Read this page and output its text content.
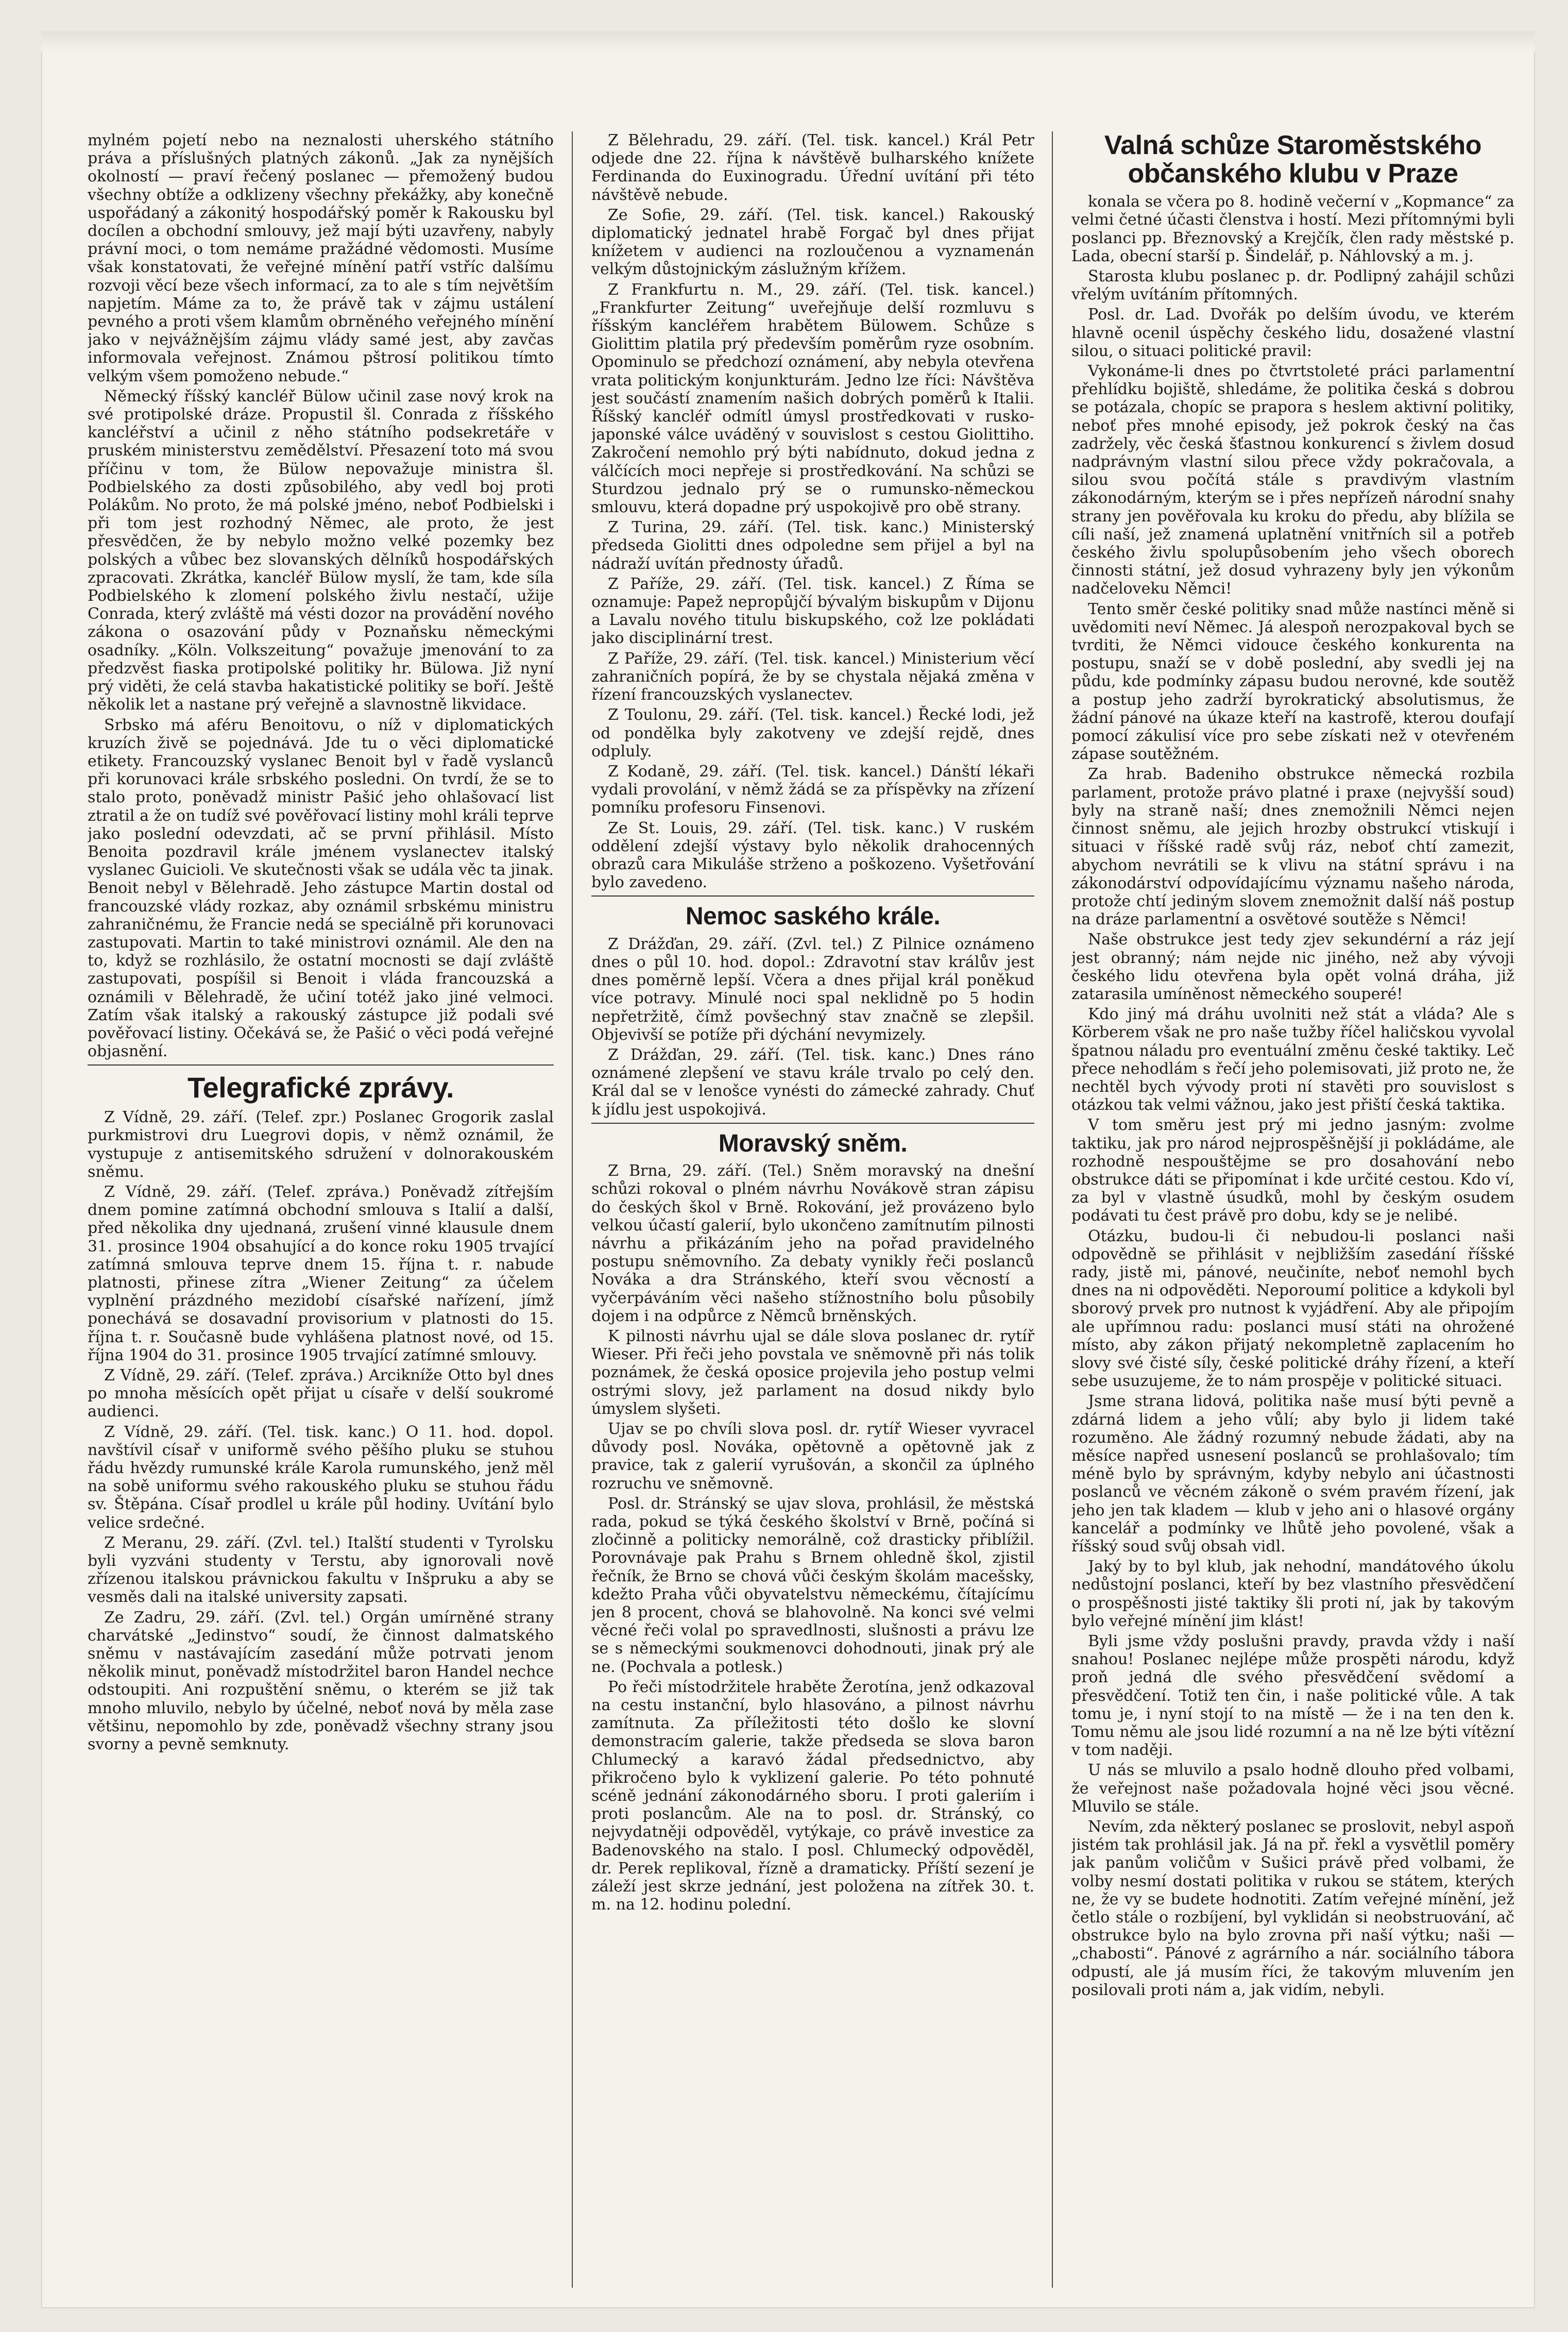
mylném pojetí nebo na neznalosti uherského státního práva a příslušných platných zákonů. „Jak za nynějších okolností — praví řečený poslanec — přemožený budou všechny obtíže a odklizeny všechny překážky, aby konečně uspořádaný a zákonitý hospodářský poměr k Rakousku byl docílen a obchodní smlouvy, jež mají býti uzavřeny, nabyly právní moci, o tom nemáme pražádné vědomosti. Musíme však konstatovati, že veřejné mínění patří vstříc dalšímu rozvoji věcí beze všech informací, za to ale s tím největším napjetím. Máme za to, že právě tak v zájmu ustálení pevného a proti všem klamům obrněného veřejného mínění jako v nejvážnějším zájmu vlády samé jest, aby zavčas informovala veřejnost. Známou pštrosí politikou tímto velkým všem pomoženo nebude.“

Německý říšský kancléř Bülow učinil zase nový krok na své protipolské dráze. Propustil šl. Conrada z říšského kancléřství a učinil z něho státního podsekretáře v pruském ministerstvu zemědělství. Přesazení toto má svou příčinu v tom, že Bülow nepovažuje ministra šl. Podbielského za dosti způsobilého, aby vedl boj proti Polákům. No proto, že má polské jméno, neboť Podbielski i při tom jest rozhodný Němec, ale proto, že jest přesvědčen, že by nebylo možno velké pozemky bez polských a vůbec bez slovanských dělníků hospodářských zpracovati. Zkrátka, kancléř Bülow myslí, že tam, kde síla Podbielského k zlomení polského živlu nestačí, užije Conrada, který zvláště má vésti dozor na provádění nového zákona o osazování půdy v Poznaňsku německými osadníky. „Köln. Volkszeitung“ považuje jmenování to za předzvěst fiaska protipolské politiky hr. Bülowa. Již nyní prý viděti, že celá stavba hakatistické politiky se boří. Ještě několik let a nastane prý veřejně a slavnostně likvidace.

Srbsko má aféru Benoitovu, o níž v diplomatických kruzích živě se pojednává. Jde tu o věci diplomatické etikety. Francouzský vyslanec Benoit byl v řadě vyslanců při korunovaci krále srbského posledni. On tvrdí, že se to stalo proto, poněvadž ministr Pašić jeho ohlašovací list ztratil a že on tudíž své pověřovací listiny mohl králi teprve jako poslední odevzdati, ač se první přihlásil. Místo Benoita pozdravil krále jménem vyslanectev italský vyslanec Guicioli. Ve skutečnosti však se udála věc ta jinak. Benoit nebyl v Bělehradě. Jeho zástupce Martin dostal od francouzské vlády rozkaz, aby oznámil srbskému ministru zahraničnému, že Francie nedá se speciálně při korunovaci zastupovati. Martin to také ministrovi oznámil. Ale den na to, když se rozhlásilo, že ostatní mocnosti se dají zvláště zastupovati, pospíšil si Benoit i vláda francouzská a oznámili v Bělehradě, že učiní totéž jako jiné velmoci. Zatím však italský a rakouský zástupce již podali své pověřovací listiny. Očekává se, že Pašić o věci podá veřejné objasnění.

Telegrafické zprávy.

Z Vídně, 29. září. (Telef. zpr.) Poslanec Grogorik zaslal purkmistrovi dru Luegrovi dopis, v němž oznámil, že vystupuje z antisemitského sdružení v dolnorakouském sněmu.

Z Vídně, 29. září. (Telef. zpráva.) Poněvadž zítřejším dnem pomine zatímná obchodní smlouva s Italií a další, před několika dny ujednaná, zrušení vinné klausule dnem 31. prosince 1904 obsahující a do konce roku 1905 trvající zatímná smlouva teprve dnem 15. října t. r. nabude platnosti, přinese zítra „Wiener Zeitung“ za účelem vyplnění prázdného mezidobí císařské nařízení, jímž ponechává se dosavadní provisorium v platnosti do 15. října t. r. Současně bude vyhlášena platnost nové, od 15. října 1904 do 31. prosince 1905 trvající zatímné smlouvy.

Z Vídně, 29. září. (Telef. zpráva.) Arcikníže Otto byl dnes po mnoha měsících opět přijat u císaře v delší soukromé audienci.

Z Vídně, 29. září. (Tel. tisk. kanc.) O 11. hod. dopol. navštívil císař v uniformě svého pěšího pluku se stuhou řádu hvězdy rumunské krále Karola rumunského, jenž měl na sobě uniformu svého rakouského pluku se stuhou řádu sv. Štěpána. Císař prodlel u krále půl hodiny. Uvítání bylo velice srdečné.

Z Meranu, 29. září. (Zvl. tel.) Italští studenti v Tyrolsku byli vyzváni studenty v Terstu, aby ignorovali nově zřízenou italskou právnickou fakultu v Inšpruku a aby se vesměs dali na italské university zapsati.

Ze Zadru, 29. září. (Zvl. tel.) Orgán umírněné strany charvátské „Jedinstvo“ soudí, že činnost dalmatského sněmu v nastávajícím zasedání může potrvati jenom několik minut, poněvadž místodržitel baron Handel nechce odstoupiti. Ani rozpuštění sněmu, o kterém se již tak mnoho mluvilo, nebylo by účelné, neboť nová by měla zase většinu, nepomohlo by zde, poněvadž všechny strany jsou svorny a pevně semknuty.

Z Bělehradu, 29. září. (Tel. tisk. kancel.) Král Petr odjede dne 22. října k návštěvě bulharského knížete Ferdinanda do Euxinogradu. Úřední uvítání při této návštěvě nebude.

Ze Sofie, 29. září. (Tel. tisk. kancel.) Rakouský diplomatický jednatel hrabě Forgač byl dnes přijat knížetem v audienci na rozloučenou a vyznamenán velkým důstojnickým záslužným křížem.

Z Frankfurtu n. M., 29. září. (Tel. tisk. kancel.) „Frankfurter Zeitung“ uveřejňuje delší rozmluvu s říšským kancléřem hrabětem Bülowem. Schůze s Giolittim platila prý především poměrům ryze osobním. Opominulo se předchozí oznámení, aby nebyla otevřena vrata politickým konjunkturám. Jedno lze říci: Návštěva jest součástí znamením našich dobrých poměrů k Italii. Říšský kancléř odmítl úmysl prostředkovati v rusko-japonské válce uváděný v souvislost s cestou Giolittiho. Zakročení nemohlo prý býti nabídnuto, dokud jedna z válčících moci nepřeje si prostředkování. Na schůzi se Sturdzou jednalo prý se o rumunsko-německou smlouvu, která dopadne prý uspokojivě pro obě strany.

Z Turina, 29. září. (Tel. tisk. kanc.) Ministerský předseda Giolitti dnes odpoledne sem přijel a byl na nádraží uvítán přednosty úřadů.

Z Paříže, 29. září. (Tel. tisk. kancel.) Z Říma se oznamuje: Papež nepropůjčí bývalým biskupům v Dijonu a Lavalu nového titulu biskupského, což lze pokládati jako disciplinární trest.

Z Paříže, 29. září. (Tel. tisk. kancel.) Ministerium věcí zahraničních popírá, že by se chystala nějaká změna v řízení francouzských vyslanectev.

Z Toulonu, 29. září. (Tel. tisk. kancel.) Řecké lodi, jež od pondělka byly zakotveny ve zdejší rejdě, dnes odpluly.

Z Kodaně, 29. září. (Tel. tisk. kancel.) Dánští lékaři vydali provolání, v němž žádá se za příspěvky na zřízení pomníku profesoru Finsenovi.

Ze St. Louis, 29. září. (Tel. tisk. kanc.) V ruském oddělení zdejší výstavy bylo několik drahocenných obrazů cara Mikuláše strženo a poškozeno. Vyšetřování bylo zavedeno.

Nemoc saského krále.

Z Drážďan, 29. září. (Zvl. tel.) Z Pilnice oznámeno dnes o půl 10. hod. dopol.: Zdravotní stav králův jest dnes poměrně lepší. Včera a dnes přijal král poněkud více potravy. Minulé noci spal neklidně po 5 hodin nepřetržitě, čímž povšechný stav značně se zlepšil. Objevivší se potíže při dýchání nevymizely.

Z Drážďan, 29. září. (Tel. tisk. kanc.) Dnes ráno oznámené zlepšení ve stavu krále trvalo po celý den. Král dal se v lenošce vynésti do zámecké zahrady. Chuť k jídlu jest uspokojivá.

Moravský sněm.

Z Brna, 29. září. (Tel.) Sněm moravský na dnešní schůzi rokoval o plném návrhu Novákově stran zápisu do českých škol v Brně. Rokování, jež provázeno bylo velkou účastí galerií, bylo ukončeno zamítnutím pilnosti návrhu a přikázáním jeho na pořad pravidelného postupu sněmovního. Za debaty vynikly řeči poslanců Nováka a dra Stránského, kteří svou věcností a vyčerpáváním věci našeho stížnostního bolu působily dojem i na odpůrce z Němců brněnských.

K pilnosti návrhu ujal se dále slova poslanec dr. rytíř Wieser. Při řeči jeho povstala ve sněmovně při nás tolik poznámek, že česká oposice projevila jeho postup velmi ostrými slovy, jež parlament na dosud nikdy bylo úmyslem slyšeti.

Ujav se po chvíli slova posl. dr. rytíř Wieser vyvracel důvody posl. Nováka, opětovně a opětovně jak z pravice, tak z galerií vyrušován, a skončil za úplného rozruchu ve sněmovně.

Posl. dr. Stránský se ujav slova, prohlásil, že městská rada, pokud se týká českého školství v Brně, počíná si zločinně a politicky nemorálně, což drasticky přiblížil. Porovnávaje pak Prahu s Brnem ohledně škol, zjistil řečník, že Brno se chová vůči českým školám macešsky, kdežto Praha vůči obyvatelstvu německému, čítajícímu jen 8 procent, chová se blahovolně. Na konci své velmi věcné řeči volal po spravedlnosti, slušnosti a právu lze se s německými soukmenovci dohodnouti, jinak prý ale ne. (Pochvala a potlesk.)

Po řeči místodržitele hraběte Žerotína, jenž odkazoval na cestu instanční, bylo hlasováno, a pilnost návrhu zamítnuta. Za příležitosti této došlo ke slovní demonstracím galerie, takže předseda se slova baron Chlumecký a karavó žádal předsednictvo, aby přikročeno bylo k vyklizení galerie. Po této pohnuté scéně jednání zákonodárného sboru. I proti galeriím i proti poslancům. Ale na to posl. dr. Stránský, co nejvydatněji odpověděl, vytýkaje, co právě investice za Badenovského na stalo. I posl. Chlumecký odpověděl, dr. Perek replikoval, řízně a dramaticky. Příští sezení je záleží jest skrze jednání, jest položena na zítřek 30. t. m. na 12. hodinu polední.

Valná schůze Staroměstského občanského klubu v Praze

konala se včera po 8. hodině večerní v „Kopmance“ za velmi četné účasti členstva i hostí. Mezi přítomnými byli poslanci pp. Březnovský a Krejčík, člen rady městské p. Lada, obecní starší p. Šindelář, p. Náhlovský a m. j.

Starosta klubu poslanec p. dr. Podlipný zahájil schůzi vřelým uvítáním přítomných.

Posl. dr. Lad. Dvořák po delším úvodu, ve kterém hlavně ocenil úspěchy českého lidu, dosažené vlastní silou, o situaci politické pravil:

Vykonáme-li dnes po čtvrtstoleté práci parlamentní přehlídku bojiště, shledáme, že politika česká s dobrou se potázala, chopíc se prapora s heslem aktivní politiky, neboť přes mnohé episody, jež pokrok český na čas zadržely, věc česká šťastnou konkurencí s živlem dosud nadprávným vlastní silou přece vždy pokračovala, a silou svou počítá stále s pravdivým vlastním zákonodárným, kterým se i přes nepřízeň národní snahy strany jen pověřovala ku kroku do předu, aby blížila se cíli naší, jež znamená uplatnění vnitřních sil a potřeb českého živlu spolupůsobením jeho všech oborech činnosti státní, jež dosud vyhrazeny byly jen výkonům nadčeloveku Němci!

Tento směr české politiky snad může nastínci měně si uvědomiti neví Němec. Já alespoň nerozpakoval bych se tvrditi, že Němci vidouce českého konkurenta na postupu, snaží se v době poslední, aby svedli jej na půdu, kde podmínky zápasu budou nerovné, kde soutěž a postup jeho zadrží byrokratický absolutismus, že žádní pánové na úkaze kteří na kastrofě, kterou doufají pomocí zákulisí více pro sebe získati než v otevřeném zápase soutěžném.

Za hrab. Badeniho obstrukce německá rozbila parlament, protože právo platné i praxe (nejvyšší soud) byly na straně naší; dnes znemožnili Němci nejen činnost sněmu, ale jejich hrozby obstrukcí vtiskují i situaci v říšské radě svůj ráz, neboť chtí zamezit, abychom nevrátili se k vlivu na státní správu i na zákonodárství odpovídajícímu významu našeho národa, protože chtí jediným slovem znemožnit další náš postup na dráze parlamentní a osvětové soutěže s Němci!

Naše obstrukce jest tedy zjev sekundérní a ráz její jest obranný; nám nejde nic jiného, než aby vývoji českého lidu otevřena byla opět volná dráha, již zatarasila umíněnost německého souperé!

Kdo jiný má dráhu uvolniti než stát a vláda? Ale s Körberem však ne pro naše tužby říčel haličskou vyvolal špatnou náladu pro eventuální změnu české taktiky. Leč přece nehodlám s řečí jeho polemisovati, již proto ne, že nechtěl bych vývody proti ní stavěti pro souvislost s otázkou tak velmi vážnou, jako jest přiští česká taktika.

V tom směru jest prý mi jedno jasným: zvolme taktiku, jak pro národ nejprospěšnější ji pokládáme, ale rozhodně nespouštějme se pro dosahování nebo obstrukce dáti se připomínat i kde určité cestou. Kdo ví, za byl v vlastně úsudků, mohl by českým osudem podávati tu čest právě pro dobu, kdy se je nelibé.

Otázku, budou-li či nebudou-li poslanci naši odpovědně se přihlásit v nejbližším zasedání říšské rady, jistě mi, pánové, neučiníte, neboť nemohl bych dnes na ni odpověděti. Neporoumí politice a kdykoli byl sborový prvek pro nutnost k vyjádření. Aby ale připojím ale upřímnou radu: poslanci musí státi na ohrožené místo, aby zákon přijatý nekompletně zaplacením ho slovy své čisté síly, české politické dráhy řízení, a kteří sebe usuzujeme, že to nám prospěje v politické situaci.

Jsme strana lidová, politika naše musí býti pevně a zdárná lidem a jeho vůlí; aby bylo ji lidem také rozuměno. Ale žádný rozumný nebude žádati, aby na měsíce napřed usnesení poslanců se prohlašovalo; tím méně bylo by správným, kdyby nebylo ani účastnosti poslanců ve věcném zákoně o svém pravém řízení, jak jeho jen tak kladem — klub v jeho ani o hlasové orgány kancelář a podmínky ve lhůtě jeho povolené, však a říšský soud svůj obsah vidl.

Jaký by to byl klub, jak nehodní, mandátového úkolu nedůstojní poslanci, kteří by bez vlastního přesvědčení o prospěšnosti jisté taktiky šli proti ní, jak by takovým bylo veřejné mínění jim klást!

Byli jsme vždy poslušni pravdy, pravda vždy i naší snahou! Poslanec nejlépe může prospěti národu, když proň jedná dle svého přesvědčení svědomí a přesvědčení. Totiž ten čin, i naše politické vůle. A tak tomu je, i nyní stojí to na místě — že i na ten den k. Tomu němu ale jsou lidé rozumní a na ně lze býti vítězní v tom naději.

U nás se mluvilo a psalo hodně dlouho před volbami, že veřejnost naše požadovala hojné věci jsou věcné. Mluvilo se stále.

Nevím, zda některý poslanec se proslovit, nebyl aspoň jistém tak prohlásil jak. Já na př. řekl a vysvětlil poměry jak panům voličům v Sušici právě před volbami, že volby nesmí dostati politika v rukou se státem, kterých ne, že vy se budete hodnotiti. Zatím veřejné mínění, jež četlo stále o rozbíjení, byl vyklidán si neobstruování, ač obstrukce bylo na bylo zrovna při naší výtku; naši — „chabosti“. Pánové z agrárního a nár. sociálního tábora odpustí, ale já musím říci, že takovým mluvením jen posilovali proti nám a, jak vidím, nebyli.
